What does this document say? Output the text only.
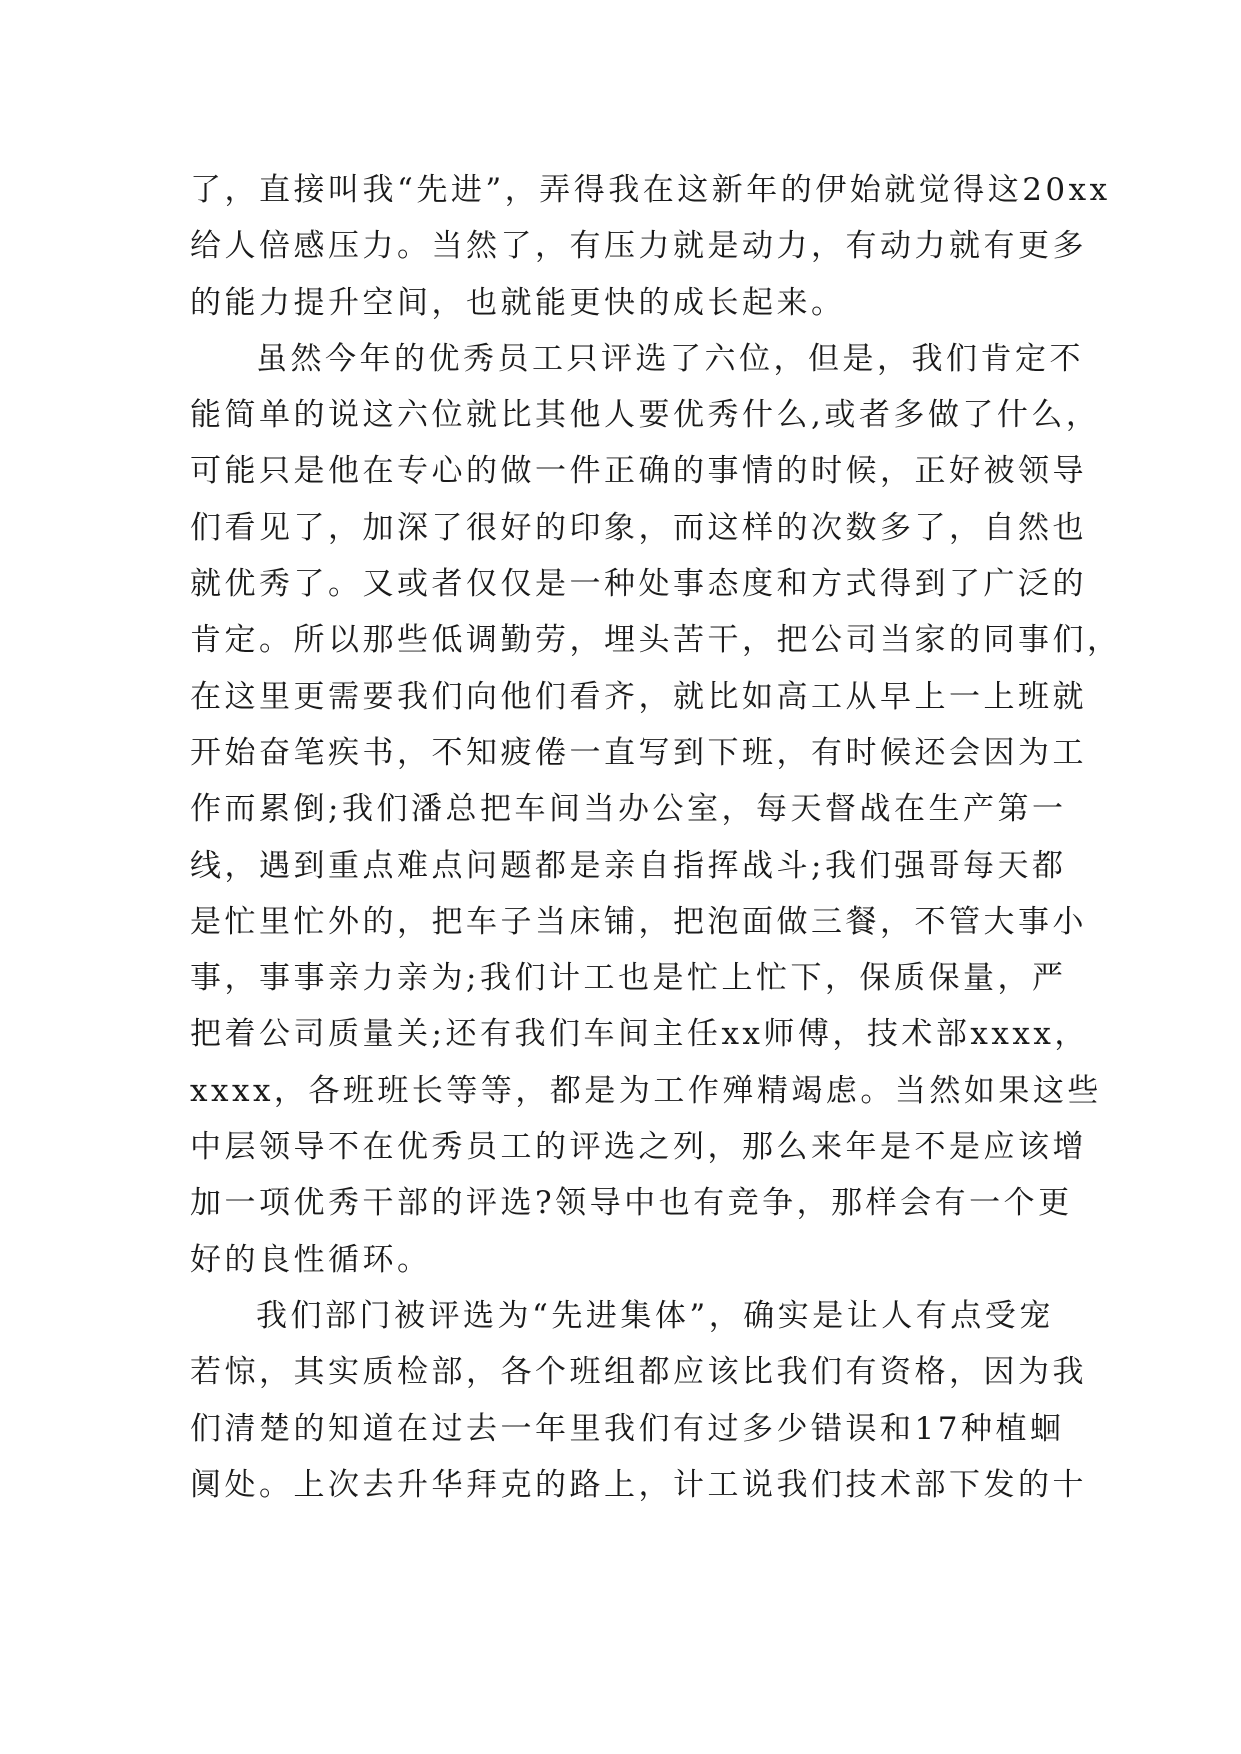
了，直接叫我“先进”，弄得我在这新年的伊始就觉得这20xx
给人倍感压力。当然了，有压力就是动力，有动力就有更多
的能力提升空间，也就能更快的成长起来。
虽然今年的优秀员工只评选了六位，但是，我们肯定不
能简单的说这六位就比其他人要优秀什么,或者多做了什么，
可能只是他在专心的做一件正确的事情的时候，正好被领导
们看见了，加深了很好的印象，而这样的次数多了，自然也
就优秀了。又或者仅仅是一种处事态度和方式得到了广泛的
肯定。所以那些低调勤劳，埋头苦干，把公司当家的同事们，
在这里更需要我们向他们看齐，就比如高工从早上一上班就
开始奋笔疾书，不知疲倦一直写到下班，有时候还会因为工
作而累倒;我们潘总把车间当办公室，每天督战在生产第一
线，遇到重点难点问题都是亲自指挥战斗;我们强哥每天都
是忙里忙外的，把车子当床铺，把泡面做三餐，不管大事小
事，事事亲力亲为;我们计工也是忙上忙下，保质保量，严
把着公司质量关;还有我们车间主任xx师傅，技术部xxxx，
xxxx，各班班长等等，都是为工作殚精竭虑。当然如果这些
中层领导不在优秀员工的评选之列，那么来年是不是应该增
加一项优秀干部的评选?领导中也有竞争，那样会有一个更
好的良性循环。
我们部门被评选为“先进集体”，确实是让人有点受宠
若惊，其实质检部，各个班组都应该比我们有资格，因为我
们清楚的知道在过去一年里我们有过多少错误和17种植蛔
阒处。上次去升华拜克的路上，计工说我们技术部下发的十
